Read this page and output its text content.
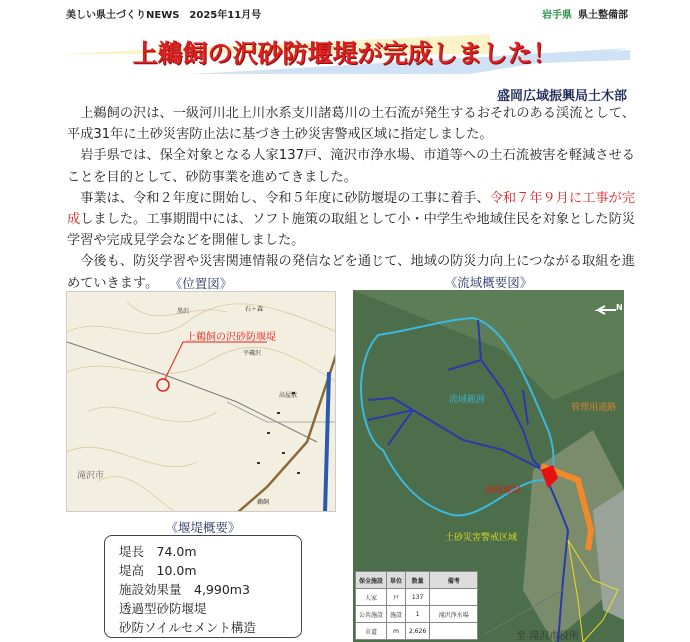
美しい県土づくりNEWS　2025年11月号	岩手県 県土整備部
上鵜飼の沢砂防堰堤が完成しました！
盛岡広域振興局土木部

上鵜飼の沢は、一級河川北上川水系支川諸葛川の土石流が発生するおそれのある渓流として、平成31年に土砂災害防止法に基づき土砂災害警戒区域に指定しました。

岩手県では、保全対象となる人家137戸、滝沢市浄水場、市道等への土石流被害を軽減させることを目的として、砂防事業を進めてきました。

事業は、令和２年度に開始し、令和５年度に砂防堰堤の工事に着手、令和７年９月に工事が完成しました。工事期間中には、ソフト施策の取組として小・中学生や地域住民を対象とした防災学習や完成見学会などを開催しました。

今後も、防災学習や災害関連情報の発信などを通じて、地域の防災力向上につながる取組を進めていきます。 《位置図》
上鵜飼の沢砂防堰堤
黒沢	石ヶ森
平蔵沢
高屋敷
滝沢市
鵜飼
《堰堤概要》
堤長　74.0m
堤高　10.0m
施設効果量　4,990m3
透過型砂防堰堤
砂防ソイルセメント構造
《流域概要図》
流域範囲
管理用道路
砂防堰堤
土砂災害警戒区域
至 滝沢市役所
N
保全施設	単位	数量	備考
人家	戸	137	
公共施設	施設	1	滝沢浄水場
市道	m	2,626	
